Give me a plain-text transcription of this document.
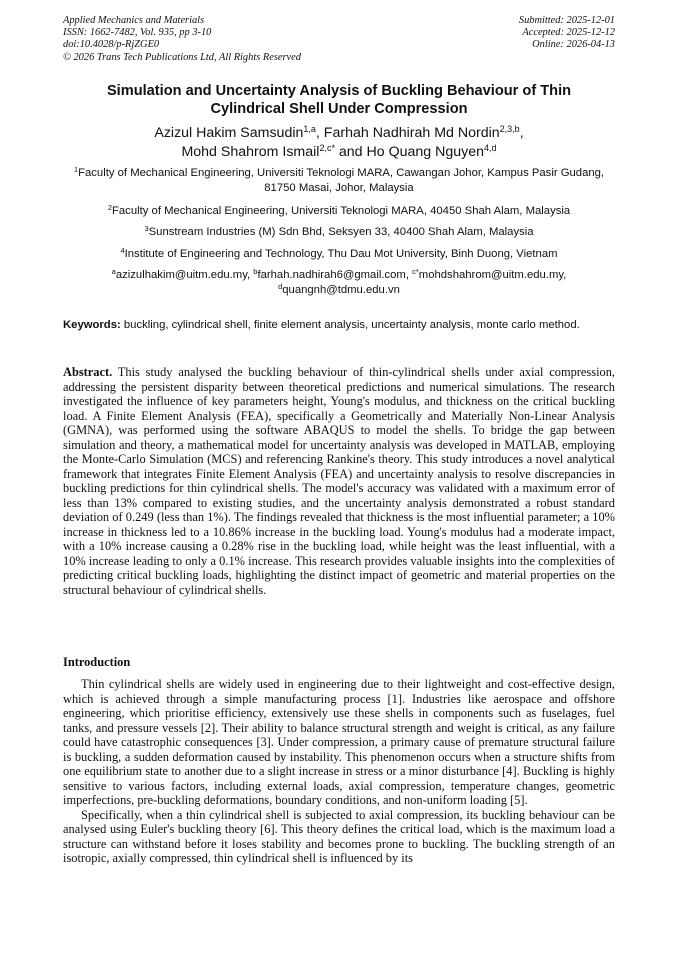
Applied Mechanics and Materials
ISSN: 1662-7482, Vol. 935, pp 3-10
doi:10.4028/p-RjZGE0
© 2026 Trans Tech Publications Ltd, All Rights Reserved
Submitted: 2025-12-01
Accepted: 2025-12-12
Online: 2026-04-13
Simulation and Uncertainty Analysis of Buckling Behaviour of Thin
Cylindrical Shell Under Compression
Azizul Hakim Samsudin$^{1,a}$, Farhah Nadhirah Md Nordin$^{2,3,b}$,
Mohd Shahrom Ismail$^{2,c*}$ and Ho Quang Nguyen$^{4,d}$
$^1$Faculty of Mechanical Engineering, Universiti Teknologi MARA, Cawangan Johor, Kampus Pasir Gudang, 81750 Masai, Johor, Malaysia
$^2$Faculty of Mechanical Engineering, Universiti Teknologi MARA, 40450 Shah Alam, Malaysia
$^3$Sunstream Industries (M) Sdn Bhd, Seksyen 33, 40400 Shah Alam, Malaysia
$^4$Institute of Engineering and Technology, Thu Dau Mot University, Binh Duong, Vietnam
$^a$azizulhakim@uitm.edu.my, $^b$farhah.nadhirah6@gmail.com, $^{c*}$mohdshahrom@uitm.edu.my,
$^d$quangnh@tdmu.edu.vn
Keywords: buckling, cylindrical shell, finite element analysis, uncertainty analysis, monte carlo method.
Abstract. This study analysed the buckling behaviour of thin-cylindrical shells under axial compression, addressing the persistent disparity between theoretical predictions and numerical simulations. The research investigated the influence of key parameters height, Young's modulus, and thickness on the critical buckling load. A Finite Element Analysis (FEA), specifically a Geometrically and Materially Non-Linear Analysis (GMNA), was performed using the software ABAQUS to model the shells. To bridge the gap between simulation and theory, a mathematical model for uncertainty analysis was developed in MATLAB, employing the Monte-Carlo Simulation (MCS) and referencing Rankine's theory. This study introduces a novel analytical framework that integrates Finite Element Analysis (FEA) and uncertainty analysis to resolve discrepancies in buckling predictions for thin cylindrical shells. The model's accuracy was validated with a maximum error of less than 13% compared to existing studies, and the uncertainty analysis demonstrated a robust standard deviation of 0.249 (less than 1%). The findings revealed that thickness is the most influential parameter; a 10% increase in thickness led to a 10.86% increase in the buckling load. Young's modulus had a moderate impact, with a 10% increase causing a 0.28% rise in the buckling load, while height was the least influential, with a 10% increase leading to only a 0.1% increase. This research provides valuable insights into the complexities of predicting critical buckling loads, highlighting the distinct impact of geometric and material properties on the structural behaviour of cylindrical shells.
Introduction

Thin cylindrical shells are widely used in engineering due to their lightweight and cost-effective design, which is achieved through a simple manufacturing process [1]. Industries like aerospace and offshore engineering, which prioritise efficiency, extensively use these shells in components such as fuselages, fuel tanks, and pressure vessels [2]. Their ability to balance structural strength and weight is critical, as any failure could have catastrophic consequences [3]. Under compression, a primary cause of premature structural failure is buckling, a sudden deformation caused by instability. This phenomenon occurs when a structure shifts from one equilibrium state to another due to a slight increase in stress or a minor disturbance [4]. Buckling is highly sensitive to various factors, including external loads, axial compression, temperature changes, geometric imperfections, pre-buckling deformations, boundary conditions, and non-uniform loading [5].

Specifically, when a thin cylindrical shell is subjected to axial compression, its buckling behaviour can be analysed using Euler's buckling theory [6]. This theory defines the critical load, which is the maximum load a structure can withstand before it loses stability and becomes prone to buckling. The buckling strength of an isotropic, axially compressed, thin cylindrical shell is influenced by its
